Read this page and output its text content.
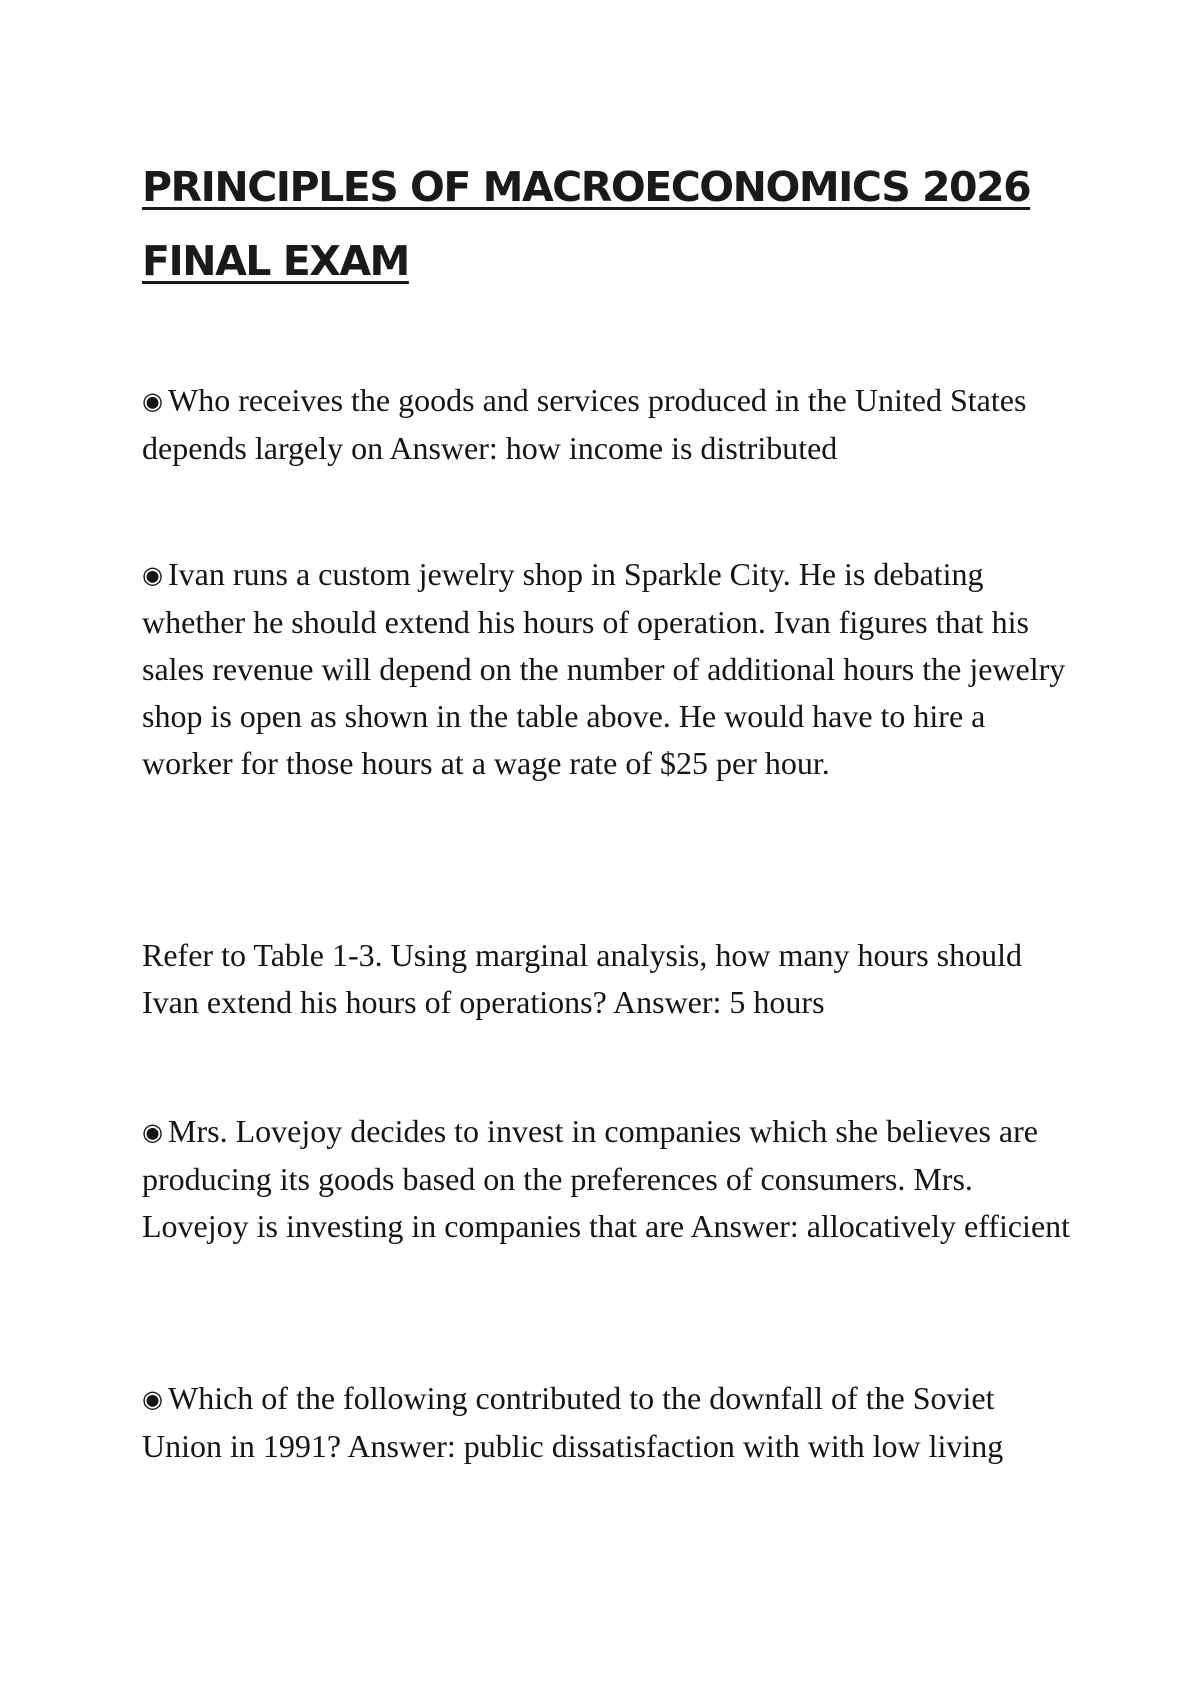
PRINCIPLES OF MACROECONOMICS 2026
FINAL EXAM

◉ Who receives the goods and services produced in the United States depends largely on Answer: how income is distributed

◉ Ivan runs a custom jewelry shop in Sparkle City. He is debating whether he should extend his hours of operation. Ivan figures that his sales revenue will depend on the number of additional hours the jewelry shop is open as shown in the table above. He would have to hire a worker for those hours at a wage rate of $25 per hour.

Refer to Table 1-3. Using marginal analysis, how many hours should Ivan extend his hours of operations? Answer: 5 hours

◉ Mrs. Lovejoy decides to invest in companies which she believes are producing its goods based on the preferences of consumers. Mrs. Lovejoy is investing in companies that are Answer: allocatively efficient

◉ Which of the following contributed to the downfall of the Soviet Union in 1991? Answer: public dissatisfaction with with low living
